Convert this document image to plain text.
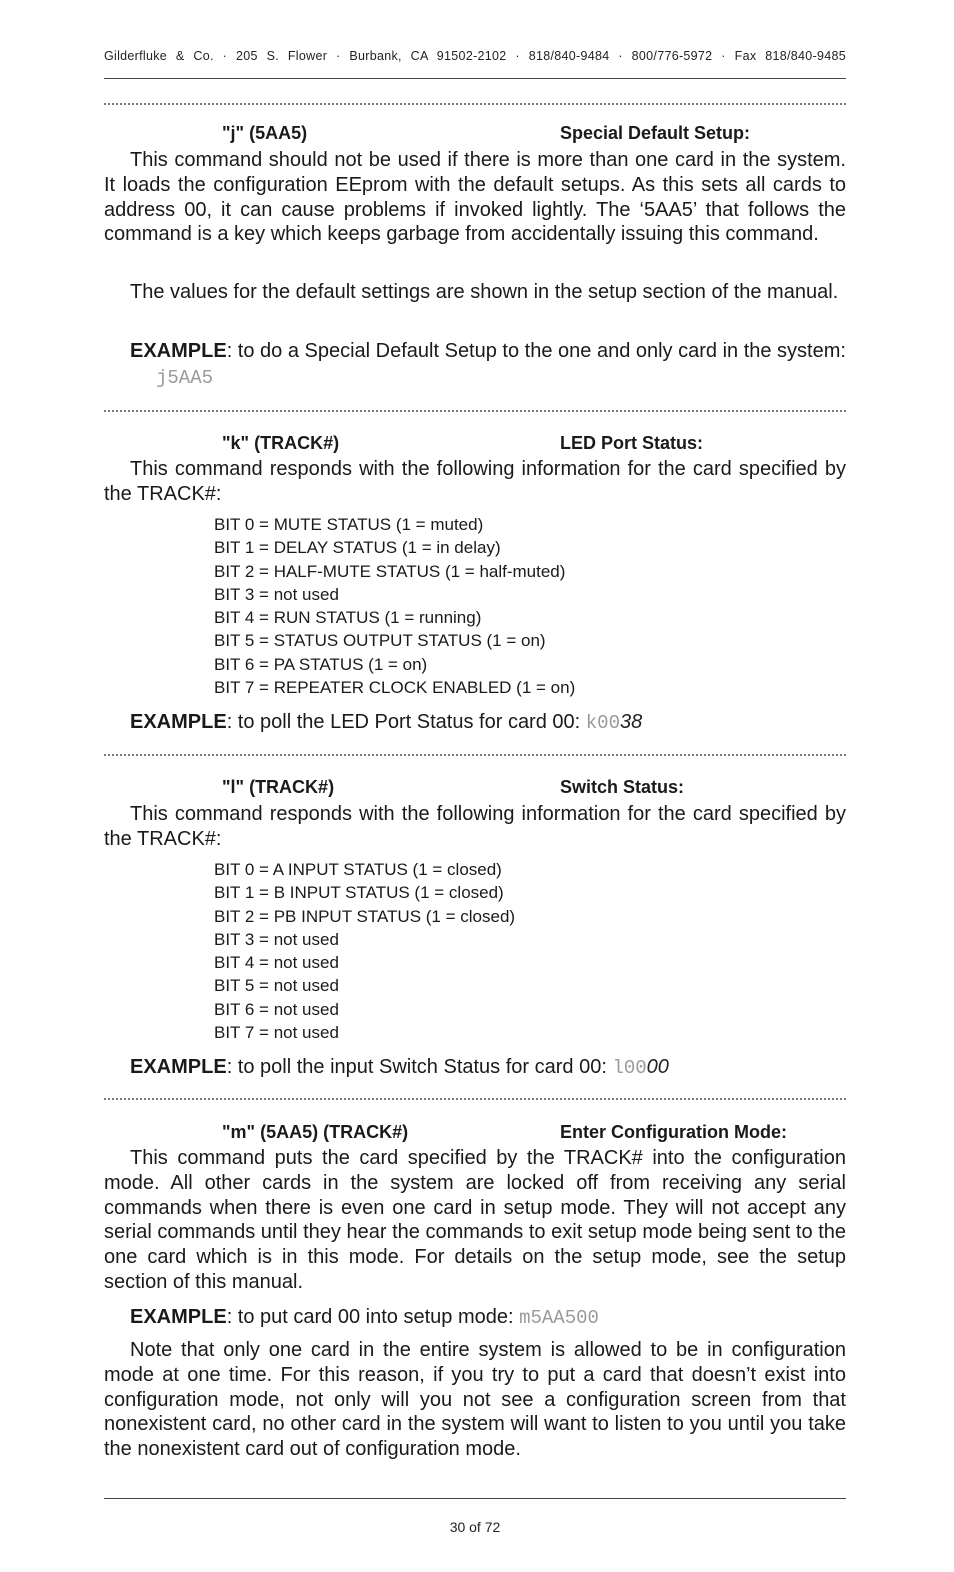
Gilderfluke & Co. · 205 S. Flower · Burbank, CA 91502-2102 · 818/840-9484 · 800/776-5972 · Fax 818/840-9485
"j" (5AA5)	Special Default Setup:
This command should not be used if there is more than one card in the system. It loads the configuration EEprom with the default setups. As this sets all cards to address 00, it can cause problems if invoked lightly. The ‘5AA5’ that follows the command is a key which keeps garbage from accidentally issuing this command.
The values for the default settings are shown in the setup section of the manual.
EXAMPLE: to do a Special Default Setup to the one and only card in the system: j5AA5
"k" (TRACK#)	LED Port Status:
This command responds with the following information for the card specified by the TRACK#:
BIT 0 = MUTE STATUS (1 = muted)
BIT 1 = DELAY STATUS (1 = in delay)
BIT 2 = HALF-MUTE STATUS (1 = half-muted)
BIT 3 = not used
BIT 4 = RUN STATUS (1 = running)
BIT 5 = STATUS OUTPUT STATUS (1 = on)
BIT 6 = PA STATUS (1 = on)
BIT 7 = REPEATER CLOCK ENABLED (1 = on)
EXAMPLE: to poll the LED Port Status for card 00: k0038
"l" (TRACK#)	Switch Status:
This command responds with the following information for the card specified by the TRACK#:
BIT 0 = A INPUT STATUS (1 = closed)
BIT 1 = B INPUT STATUS (1 = closed)
BIT 2 = PB INPUT STATUS (1 = closed)
BIT 3 = not used
BIT 4 = not used
BIT 5 = not used
BIT 6 = not used
BIT 7 = not used
EXAMPLE: to poll the input Switch Status for card 00: l0000
"m" (5AA5) (TRACK#)	Enter Configuration Mode:
This command puts the card specified by the TRACK# into the configuration mode. All other cards in the system are locked off from receiving any serial commands when there is even one card in setup mode. They will not accept any serial commands until they hear the commands to exit setup mode being sent to the one card which is in this mode. For details on the setup mode, see the setup section of this manual.
EXAMPLE: to put card 00 into setup mode: m5AA500
Note that only one card in the entire system is allowed to be in configuration mode at one time. For this reason, if you try to put a card that doesn’t exist into configuration mode, not only will you not see a configuration screen from that nonexistent card, no other card in the system will want to listen to you until you take the nonexistent card out of configuration mode.
30 of 72
